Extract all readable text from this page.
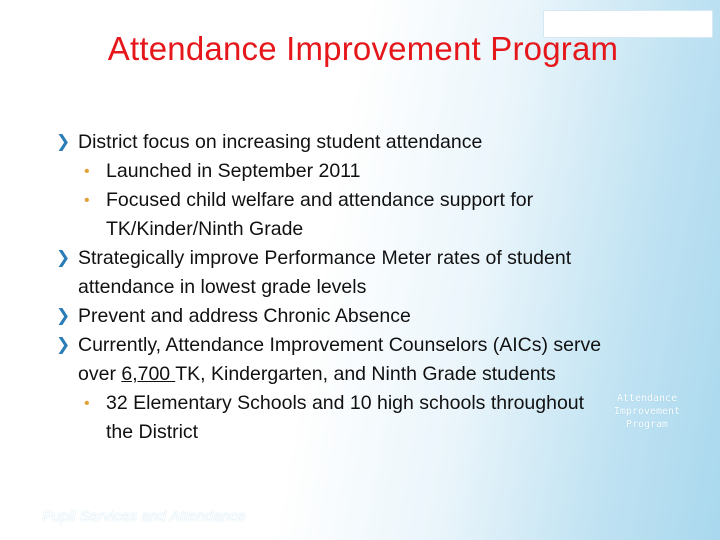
Attendance Improvement Program

❯ District focus on increasing student attendance

• Launched in September 2011

• Focused child welfare and attendance support for TK/Kinder/Ninth Grade

❯ Strategically improve Performance Meter rates of student attendance in lowest grade levels

❯ Prevent and address Chronic Absence

❯ Currently, Attendance Improvement Counselors (AICs) serve over 6,700 TK, Kindergarten, and Ninth Grade students

• 32 Elementary Schools and 10 high schools throughout the District

Attendance
Improvement
Program
Pupil Services and Attendance
